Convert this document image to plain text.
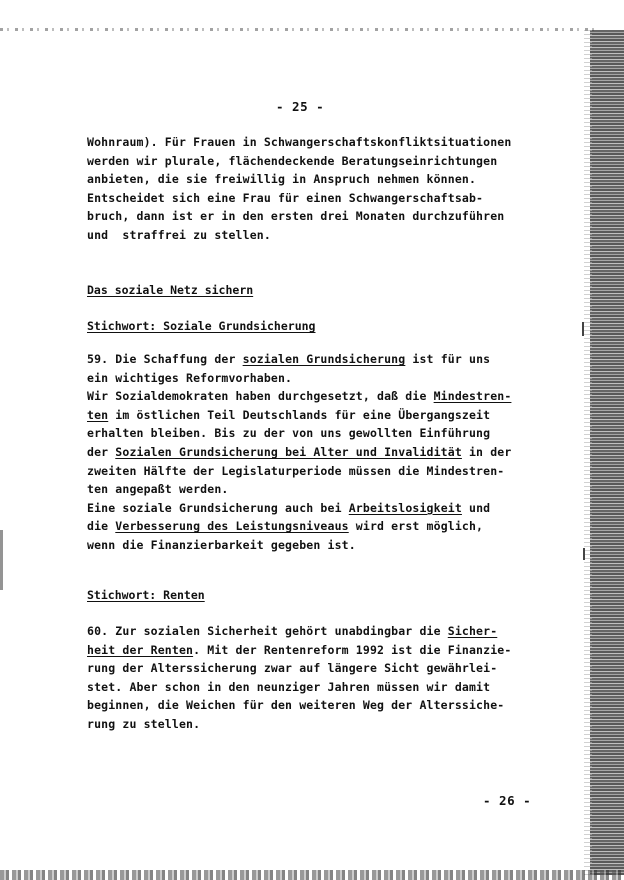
- 25 -
Wohnraum). Für Frauen in Schwangerschaftskonfliktsituationen
werden wir plurale, flächendeckende Beratungseinrichtungen
anbieten, die sie freiwillig in Anspruch nehmen können.
Entscheidet sich eine Frau für einen Schwangerschaftsab-
bruch, dann ist er in den ersten drei Monaten durchzuführen
und  straffrei zu stellen.
Das soziale Netz sichern
Stichwort: Soziale Grundsicherung
59. Die Schaffung der sozialen Grundsicherung ist für uns
ein wichtiges Reformvorhaben.
Wir Sozialdemokraten haben durchgesetzt, daß die Mindestren-
ten im östlichen Teil Deutschlands für eine Übergangszeit
erhalten bleiben. Bis zu der von uns gewollten Einführung
der Sozialen Grundsicherung bei Alter und Invalidität in der
zweiten Hälfte der Legislaturperiode müssen die Mindestren-
ten angepaßt werden.
Eine soziale Grundsicherung auch bei Arbeitslosigkeit und
die Verbesserung des Leistungsniveaus wird erst möglich,
wenn die Finanzierbarkeit gegeben ist.
Stichwort: Renten
60. Zur sozialen Sicherheit gehört unabdingbar die Sicher-
heit der Renten. Mit der Rentenreform 1992 ist die Finanzie-
rung der Alterssicherung zwar auf längere Sicht gewährlei-
stet. Aber schon in den neunziger Jahren müssen wir damit
beginnen, die Weichen für den weiteren Weg der Alterssiche-
rung zu stellen.
- 26 -
